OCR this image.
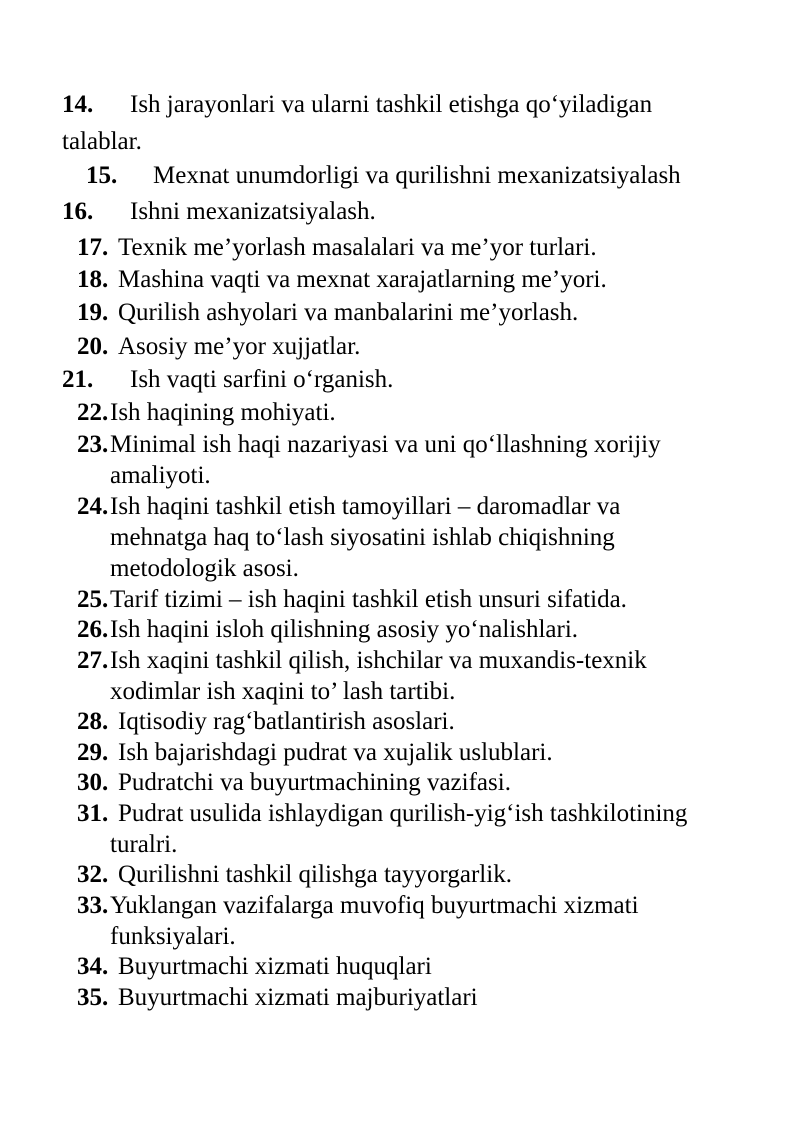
14. Ish jarayonlari va ularni tashkil etishga qo‘yiladigan
talablar.
15. Mexnat unumdorligi va qurilishni mexanizatsiyalash
16. Ishni mexanizatsiyalash.
17. Texnik me’yorlash masalalari va me’yor turlari.
18. Mashina vaqti va mexnat xarajatlarning me’yori.
19. Qurilish ashyolari va manbalarini me’yorlash.
20. Asosiy me’yor xujjatlar.
21. Ish vaqti sarfini o‘rganish.
22. Ish haqining mohiyati.
23. Minimal ish haqi nazariyasi va uni qo‘llashning xorijiy
amaliyoti.
24. Ish haqini tashkil etish tamoyillari – daromadlar va
mehnatga haq to‘lash siyosatini ishlab chiqishning
metodologik asosi.
25. Tarif tizimi – ish haqini tashkil etish unsuri sifatida.
26. Ish haqini isloh qilishning asosiy yo‘nalishlari.
27. Ish xaqini tashkil qilish, ishchilar va muxandis-texnik
xodimlar ish xaqini to’ lash tartibi.
28. Iqtisodiy rag‘batlantirish asoslari.
29. Ish bajarishdagi pudrat va xujalik uslublari.
30. Pudratchi va buyurtmachining vazifasi.
31. Pudrat usulida ishlaydigan qurilish-yig‘ish tashkilotining
turalri.
32. Qurilishni tashkil qilishga tayyorgarlik.
33. Yuklangan vazifalarga muvofiq buyurtmachi xizmati
funksiyalari.
34. Buyurtmachi xizmati huquqlari
35. Buyurtmachi xizmati majburiyatlari
